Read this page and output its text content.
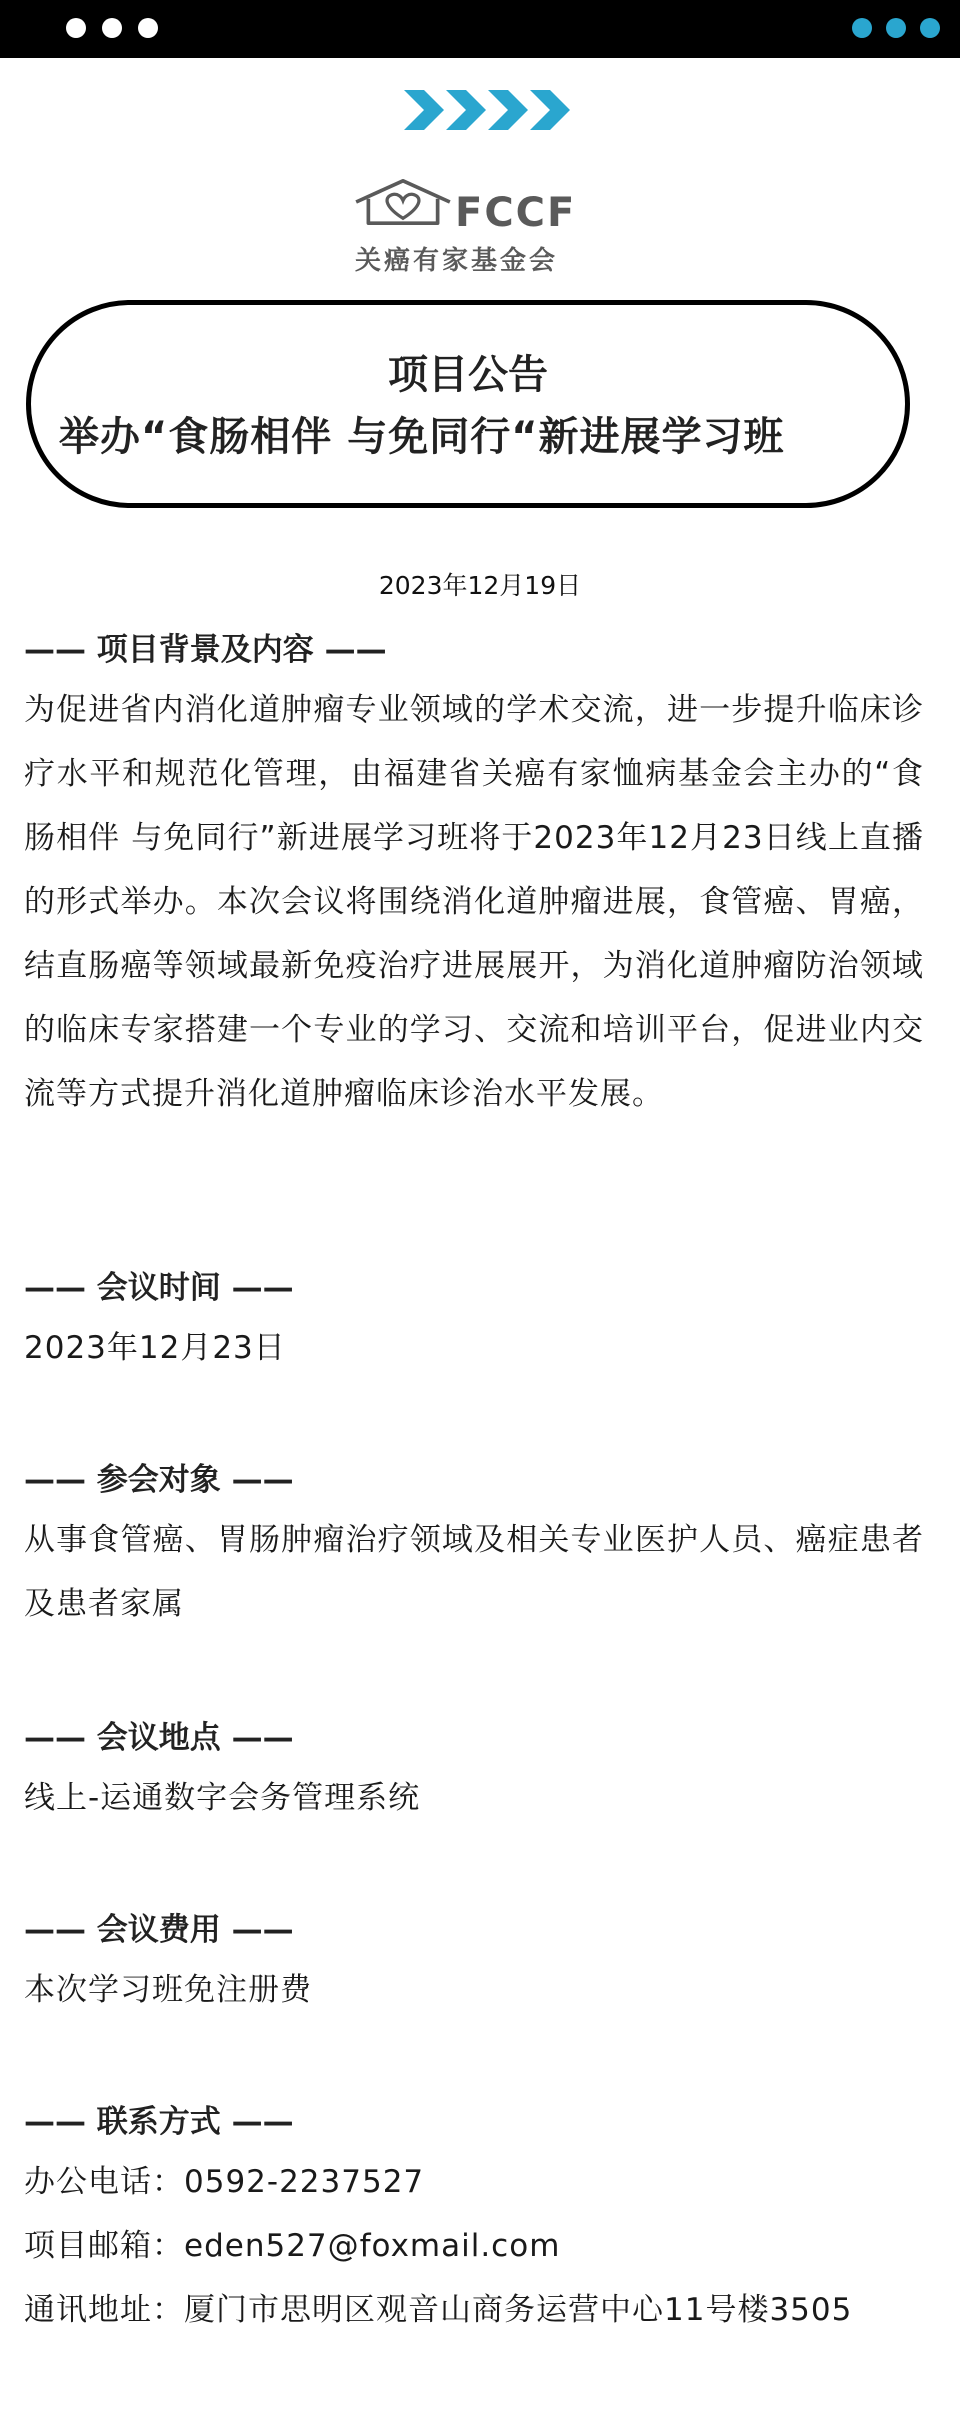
FCCF
关癌有家基金会
项目公告
举办“食肠相伴 与免同行“新进展学习班
2023年12月19日
—— 项目背景及内容 ——
为促进省内消化道肿瘤专业领域的学术交流，进一步提升临床诊疗水平和规范化管理，由福建省关癌有家恤病基金会主办的“食肠相伴 与免同行”新进展学习班将于2023年12月23日线上直播的形式举办。本次会议将围绕消化道肿瘤进展，食管癌、胃癌，结直肠癌等领域最新免疫治疗进展展开，为消化道肿瘤防治领域的临床专家搭建一个专业的学习、交流和培训平台，促进业内交流等方式提升消化道肿瘤临床诊治水平发展。
—— 会议时间 ——
2023年12月23日
—— 参会对象 ——
从事食管癌、胃肠肿瘤治疗领域及相关专业医护人员、癌症患者及患者家属
—— 会议地点 ——
线上-运通数字会务管理系统
—— 会议费用 ——
本次学习班免注册费
—— 联系方式 ——
办公电话：0592-2237527
项目邮箱：eden527@foxmail.com
通讯地址：厦门市思明区观音山商务运营中心11号楼3505
